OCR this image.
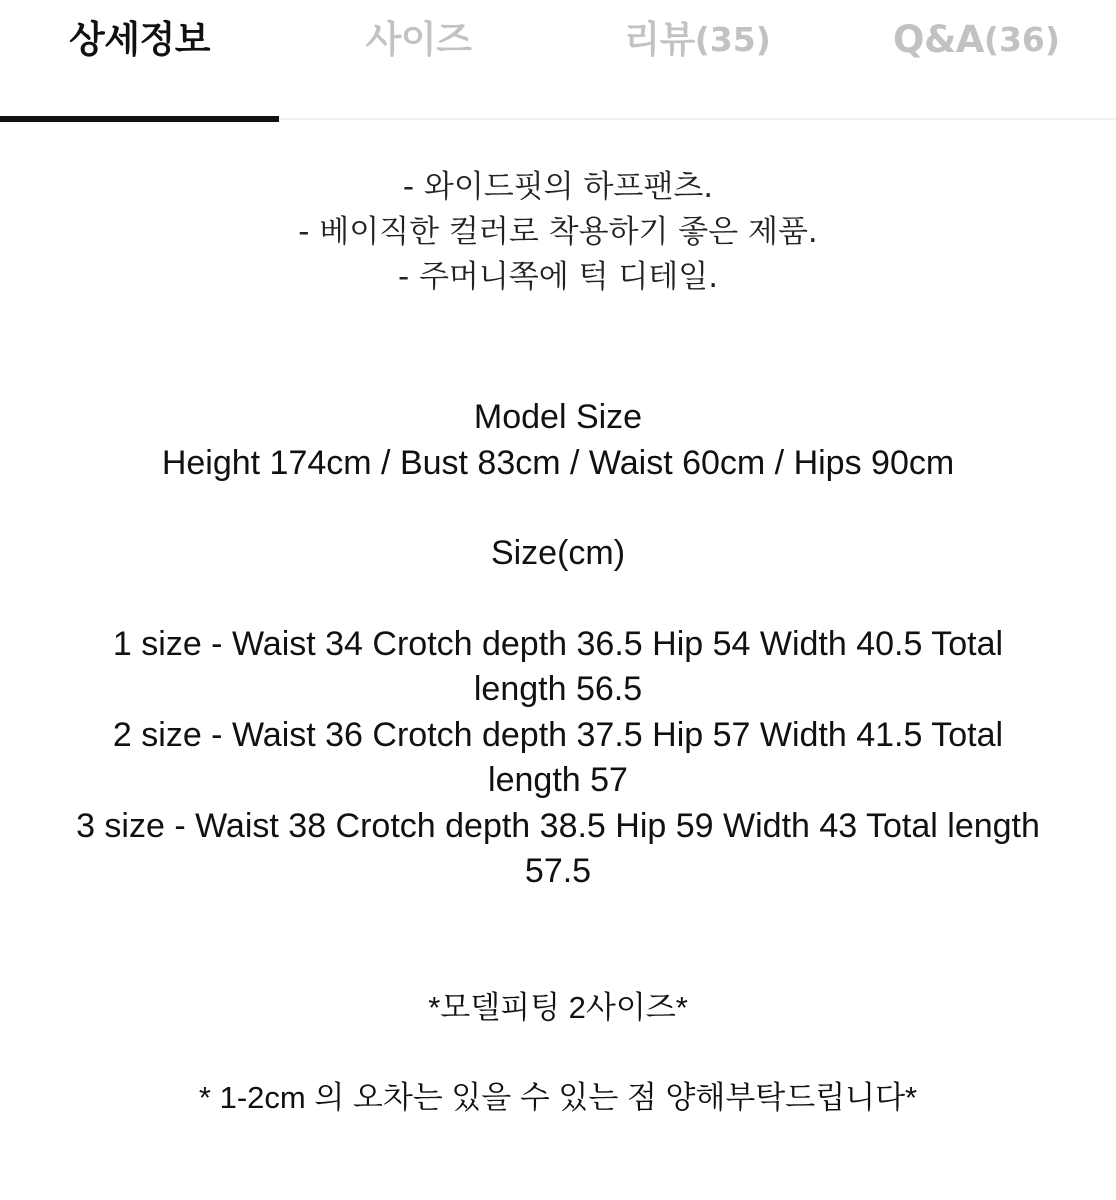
상세정보	사이즈	리뷰 (35)	Q&A (36)
- 와이드핏의 하프팬츠.
- 베이직한 컬러로 착용하기 좋은 제품.
- 주머니쪽에 턱 디테일.
Model Size
Height 174cm / Bust 83cm / Waist 60cm / Hips 90cm
Size(cm)
1 size - Waist 34 Crotch depth 36.5 Hip 54 Width 40.5 Total
length 56.5
2 size - Waist 36 Crotch depth 37.5 Hip 57 Width 41.5 Total
length 57
3 size - Waist 38 Crotch depth 38.5 Hip 59 Width 43 Total length
57.5
*모델피팅 2사이즈*
* 1-2cm 의 오차는 있을 수 있는 점 양해부탁드립니다*
